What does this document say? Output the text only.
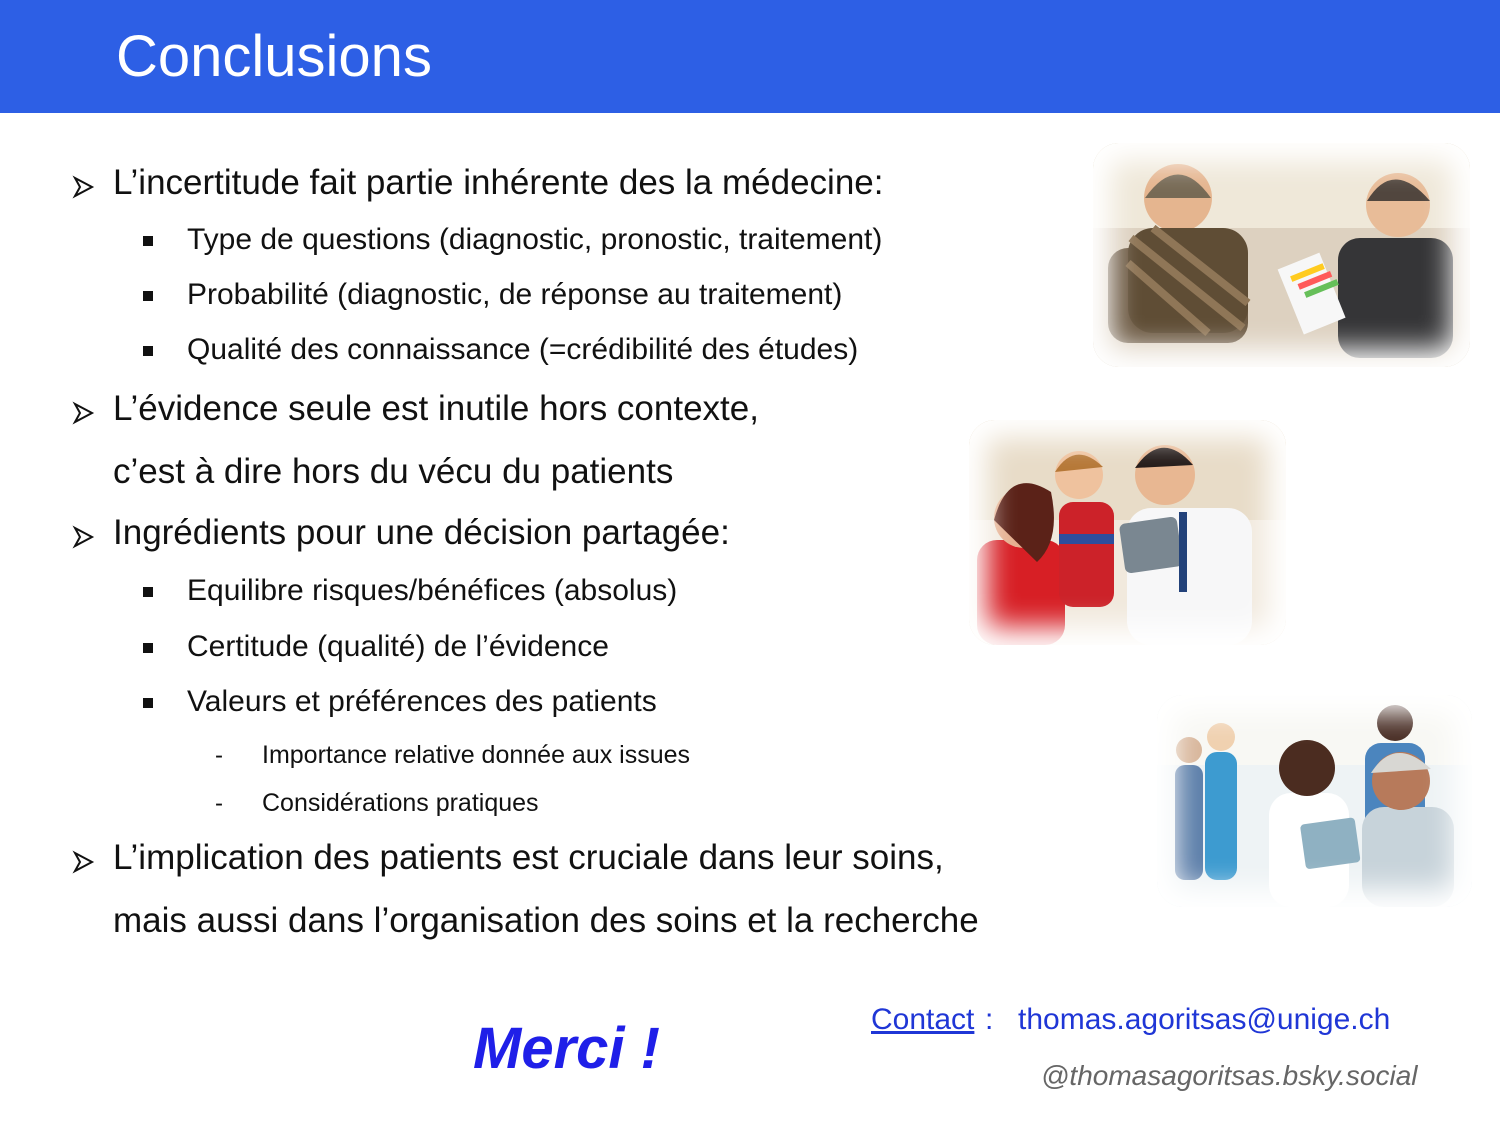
Conclusions
L’incertitude fait partie inhérente des la médecine:
Type de questions (diagnostic, pronostic, traitement)
Probabilité (diagnostic, de réponse au traitement)
Qualité des connaissance (=crédibilité des études)
L’évidence seule est inutile hors contexte,
c’est à dire hors du vécu du patients
Ingrédients pour une décision partagée:
Equilibre risques/bénéfices (absolus)
Certitude (qualité) de l’évidence
Valeurs et préférences des patients
- Importance relative donnée aux issues
- Considérations pratiques
L’implication des patients est cruciale dans leur soins,
mais aussi dans l’organisation des soins et la recherche
Merci !	Contact : thomas.agoritsas@unige.ch
@thomasagoritsas.bsky.social
